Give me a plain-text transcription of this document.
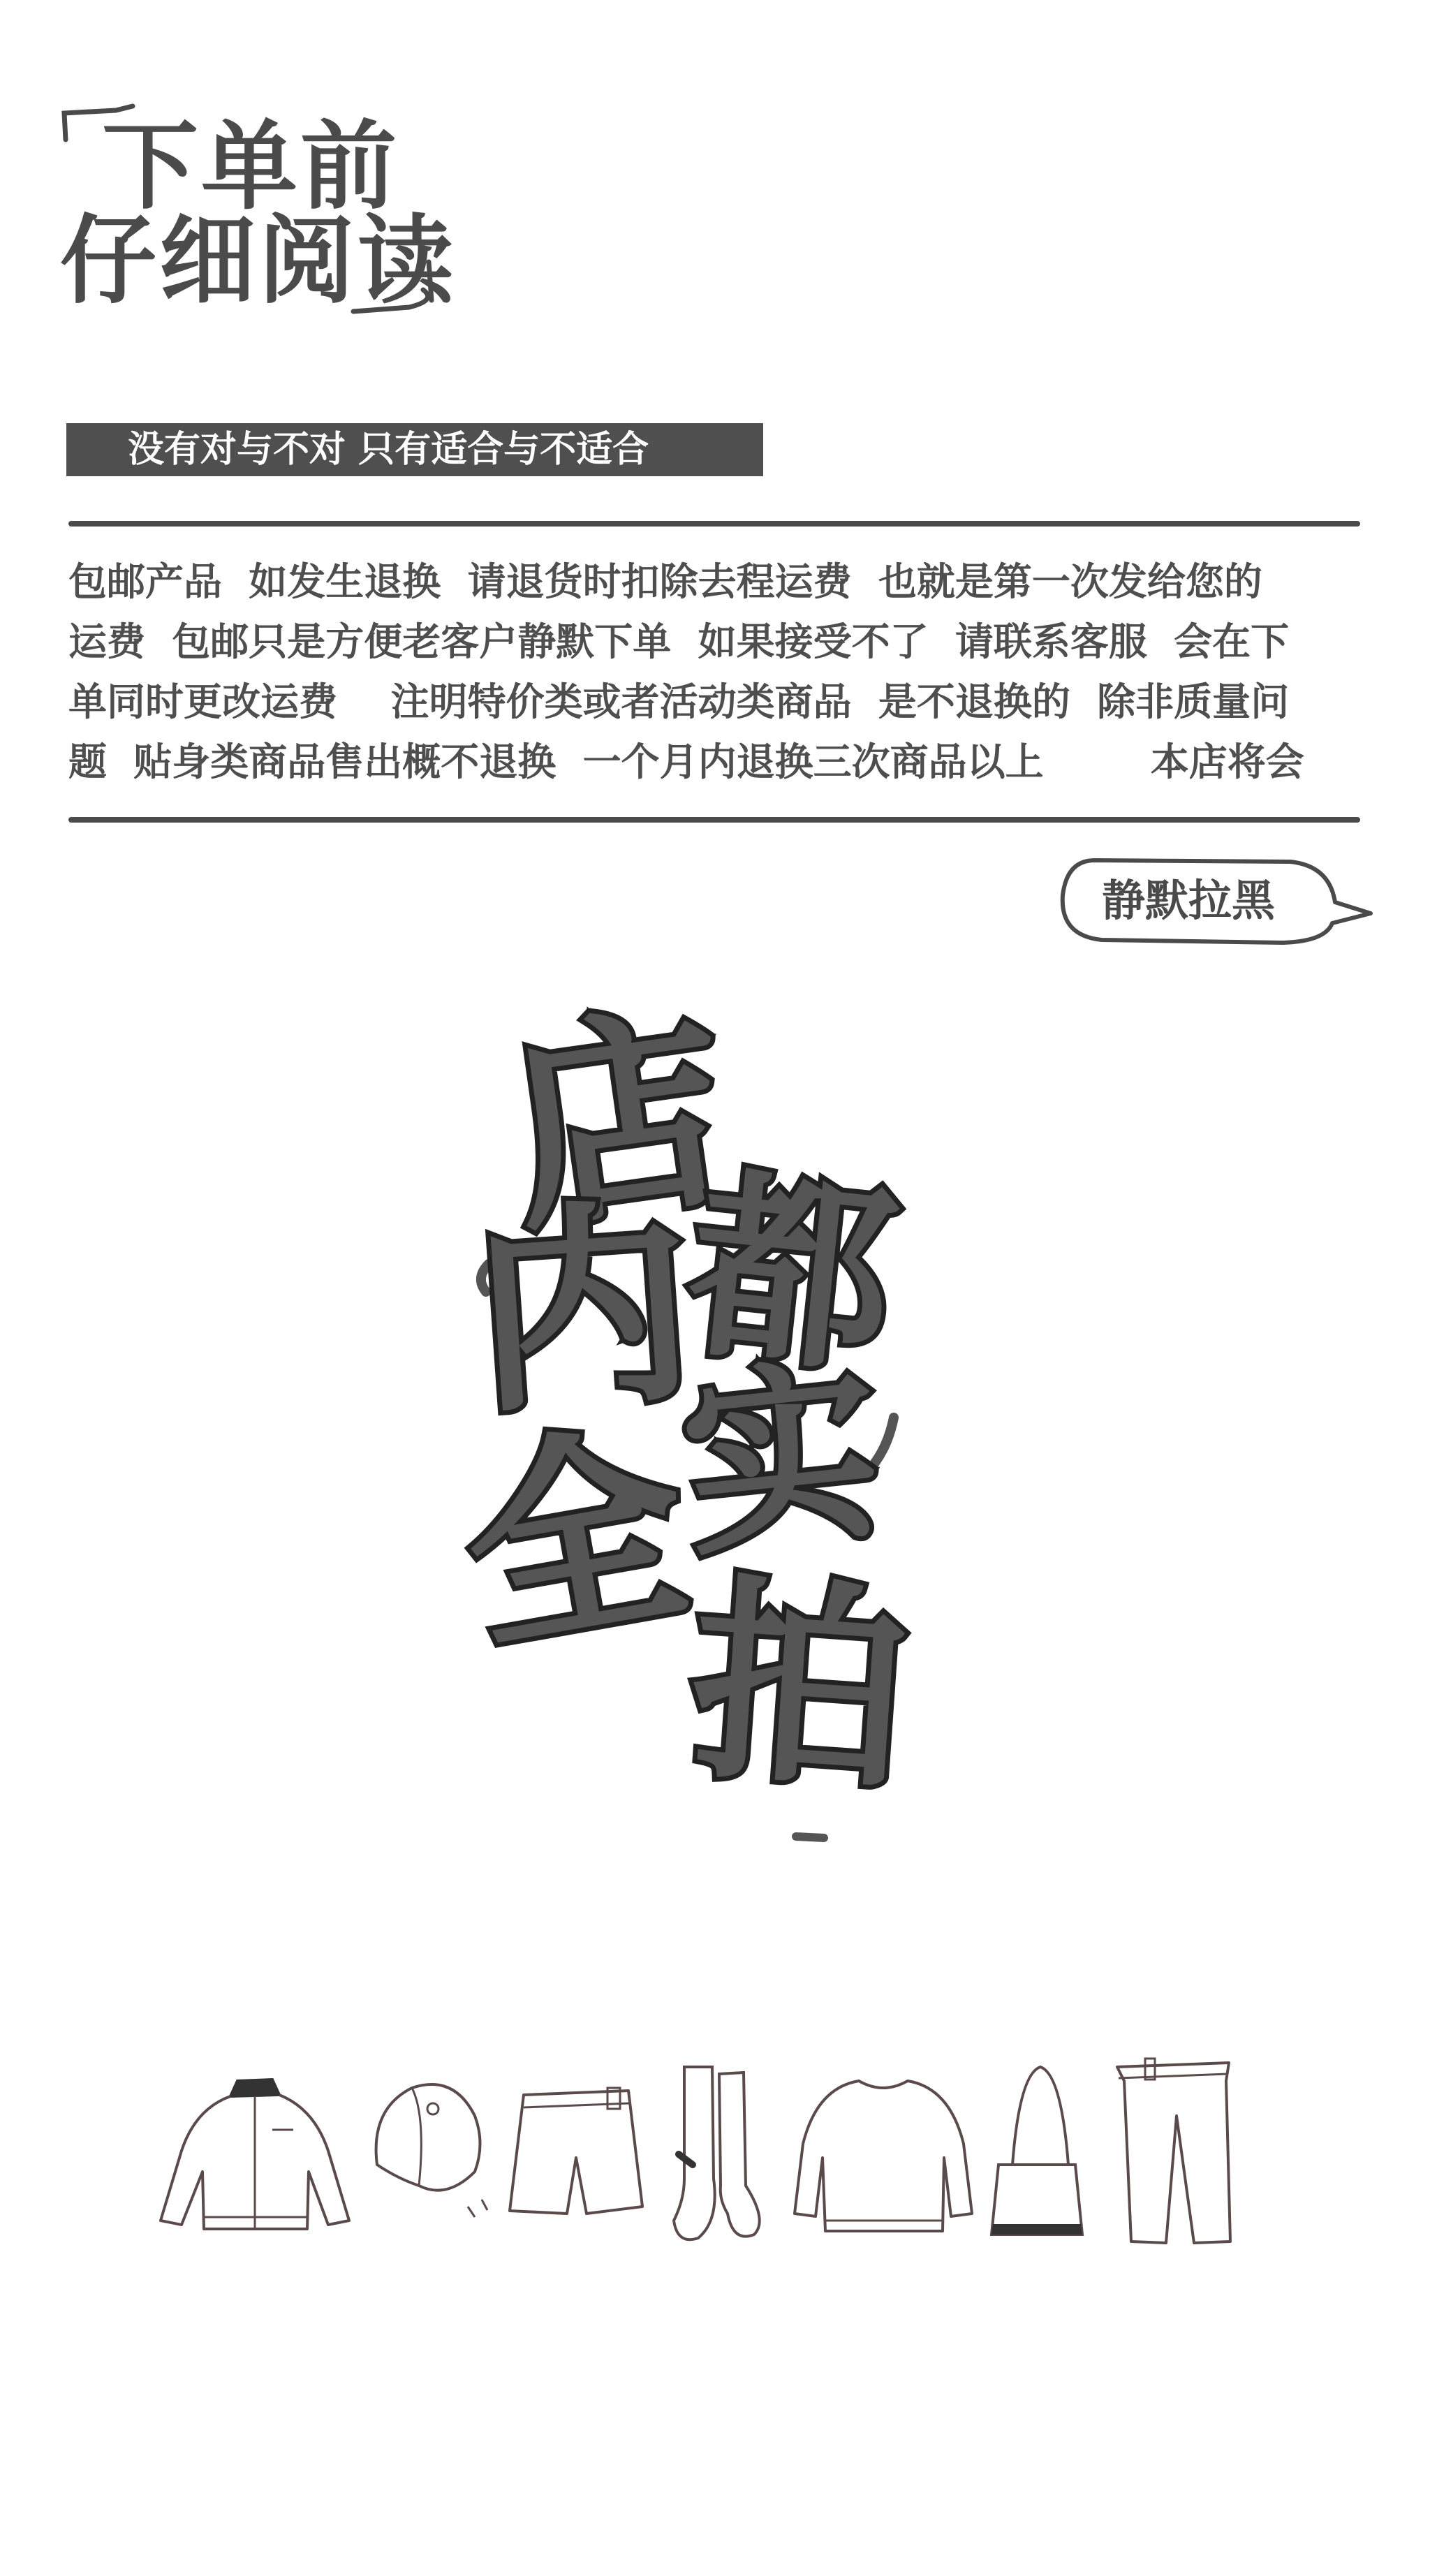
下单前
仔细阅读
没有对与不对 只有适合与不适合
包邮产品  如发生退换  请退货时扣除去程运费  也就是第一次发给您的
运费  包邮只是方便老客户静默下单  如果接受不了  请联系客服  会在下
单同时更改运费    注明特价类或者活动类商品  是不退换的  除非质量问
题  贴身类商品售出概不退换  一个月内退换三次商品以上        本店将会
静默拉黑
店
内
都
实
全
拍
